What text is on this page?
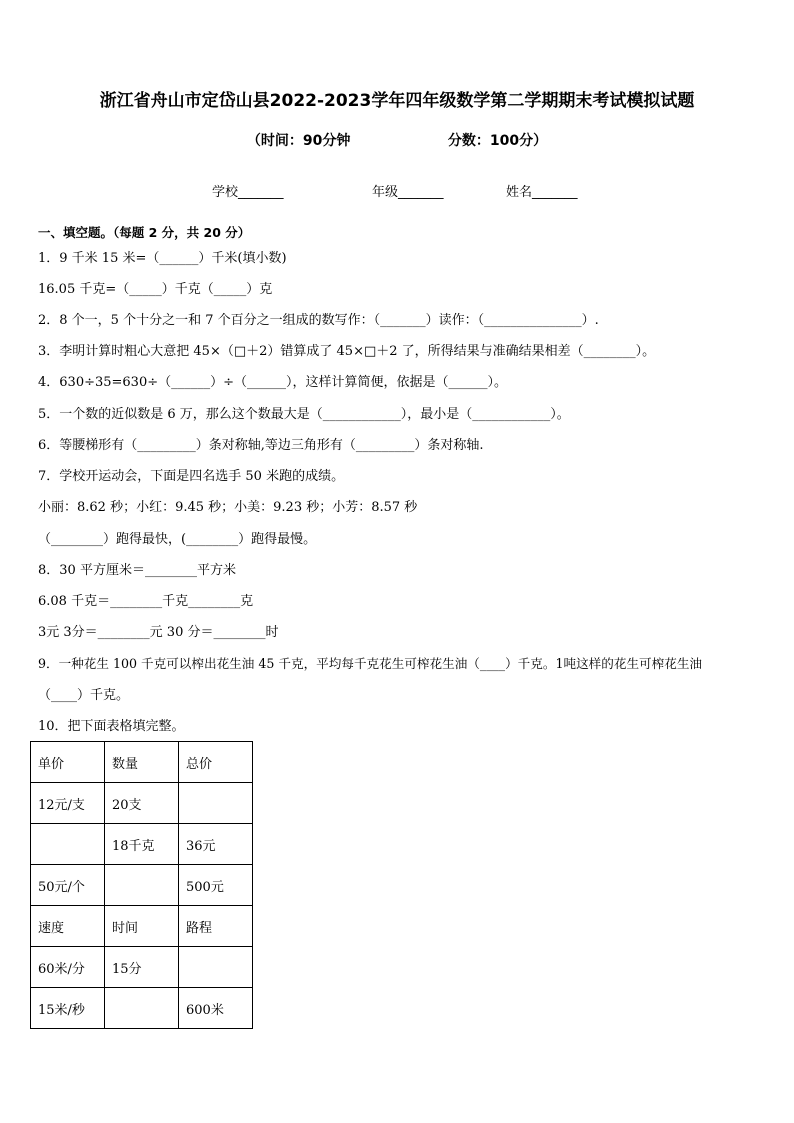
浙江省舟山市定岱山县2022-2023学年四年级数学第二学期期末考试模拟试题
（时间：90分钟                    分数：100分）
学校_______	年级_______	姓名_______
一、填空题。（每题 2 分，共 20 分）
1．9 千米 15 米=（______）千米(填小数)
16.05 千克=（_____）千克（_____）克
2．8 个一，5 个十分之一和 7 个百分之一组成的数写作：（_______）读作：（_______________）.
3．李明计算时粗心大意把 45×（□＋2）错算成了 45×□＋2 了，所得结果与准确结果相差（________）。
4．630÷35=630÷（______）÷（______），这样计算简便，依据是（______）。
5．一个数的近似数是 6 万，那么这个数最大是（____________），最小是（____________）。
6．等腰梯形有（_________）条对称轴,等边三角形有（_________）条对称轴.
7．学校开运动会，下面是四名选手 50 米跑的成绩。
小丽：8.62 秒；小红：9.45 秒；小美：9.23 秒；小芳：8.57 秒
（________）跑得最快，(________）跑得最慢。
8．30 平方厘米＝________平方米
6.08 千克＝________千克________克
3元 3分＝________元 30 分＝________时
9．一种花生 100 千克可以榨出花生油 45 千克，平均每千克花生可榨花生油（____）千克。1吨这样的花生可榨花生油
（____）千克。
10．把下面表格填完整。
单价	数量	总价
12元/支	20支	
	18千克	36元
50元/个		500元
速度	时间	路程
60米/分	15分	
15米/秒		600米
